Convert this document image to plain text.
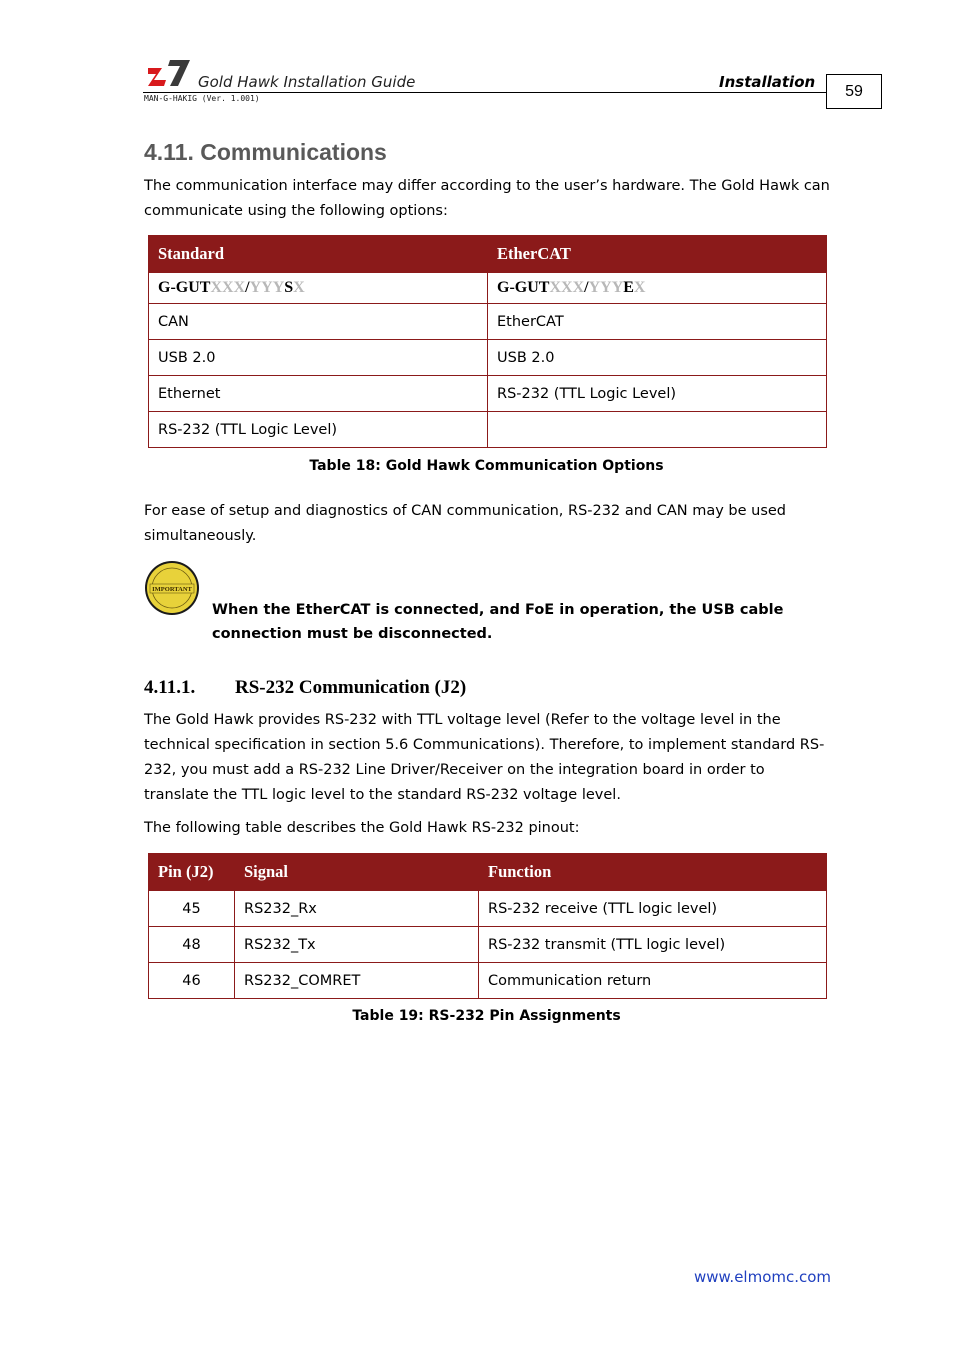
Gold Hawk Installation Guide	Installation
MAN-G-HAKIG (Ver. 1.001)	59
4.11. Communications

The communication interface may differ according to the user’s hardware. The Gold Hawk can communicate using the following options:

Standard	EtherCAT
G-GUTXXX/YYYSX	G-GUTXXX/YYYEX
CAN	EtherCAT
USB 2.0	USB 2.0
Ethernet	RS-232 (TTL Logic Level)
RS-232 (TTL Logic Level)	
Table 18: Gold Hawk Communication Options

For ease of setup and diagnostics of CAN communication, RS-232 and CAN may be used simultaneously.

IMPORTANT

When the EtherCAT is connected, and FoE in operation, the USB cable connection must be disconnected.

4.11.1. RS-232 Communication (J2)

The Gold Hawk provides RS-232 with TTL voltage level (Refer to the voltage level in the technical specification in section 5.6 Communications). Therefore, to implement standard RS-232, you must add a RS-232 Line Driver/Receiver on the integration board in order to translate the TTL logic level to the standard RS-232 voltage level.

The following table describes the Gold Hawk RS-232 pinout:

Pin (J2)	Signal	Function
45	RS232_Rx	RS-232 receive (TTL logic level)
48	RS232_Tx	RS-232 transmit (TTL logic level)
46	RS232_COMRET	Communication return
Table 19: RS-232 Pin Assignments
www.elmomc.com
